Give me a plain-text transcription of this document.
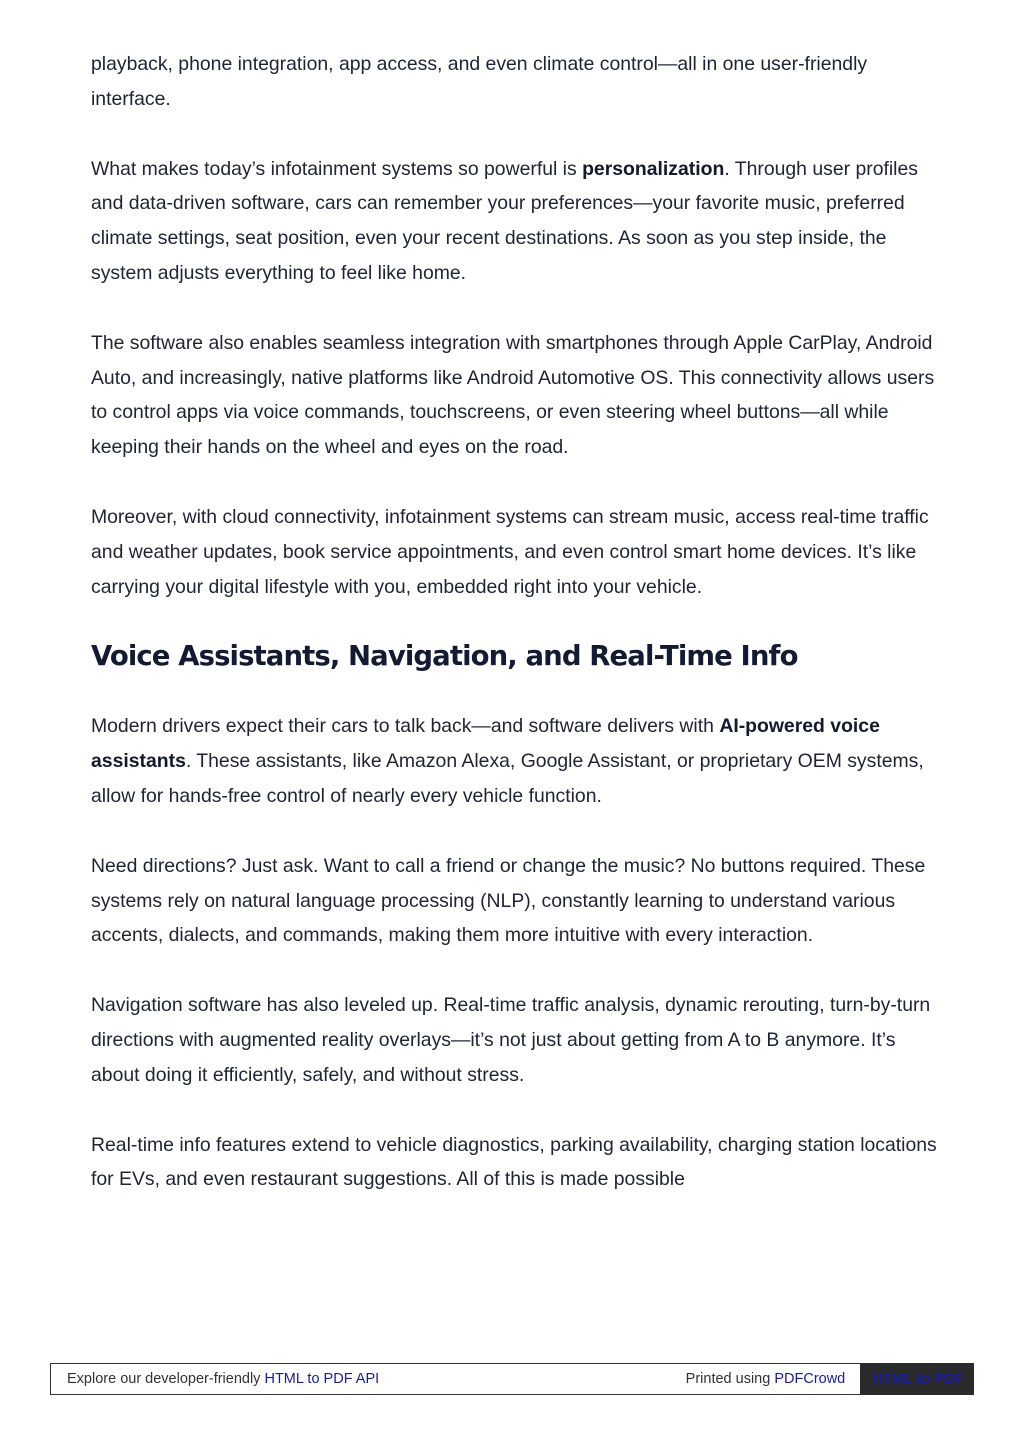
playback, phone integration, app access, and even climate control—all in one user-friendly interface.

What makes today’s infotainment systems so powerful is personalization. Through user profiles and data-driven software, cars can remember your preferences—your favorite music, preferred climate settings, seat position, even your recent destinations. As soon as you step inside, the system adjusts everything to feel like home.

The software also enables seamless integration with smartphones through Apple CarPlay, Android Auto, and increasingly, native platforms like Android Automotive OS. This connectivity allows users to control apps via voice commands, touchscreens, or even steering wheel buttons—all while keeping their hands on the wheel and eyes on the road.

Moreover, with cloud connectivity, infotainment systems can stream music, access real-time traffic and weather updates, book service appointments, and even control smart home devices. It’s like carrying your digital lifestyle with you, embedded right into your vehicle.

Voice Assistants, Navigation, and Real-Time Info

Modern drivers expect their cars to talk back—and software delivers with AI-powered voice assistants. These assistants, like Amazon Alexa, Google Assistant, or proprietary OEM systems, allow for hands-free control of nearly every vehicle function.

Need directions? Just ask. Want to call a friend or change the music? No buttons required. These systems rely on natural language processing (NLP), constantly learning to understand various accents, dialects, and commands, making them more intuitive with every interaction.

Navigation software has also leveled up. Real-time traffic analysis, dynamic rerouting, turn-by-turn directions with augmented reality overlays—it’s not just about getting from A to B anymore. It’s about doing it efficiently, safely, and without stress.

Real-time info features extend to vehicle diagnostics, parking availability, charging station locations for EVs, and even restaurant suggestions. All of this is made possible

Explore our developer-friendly
HTML to PDF API	Printed using
PDFCrowd	HTML to PDF
